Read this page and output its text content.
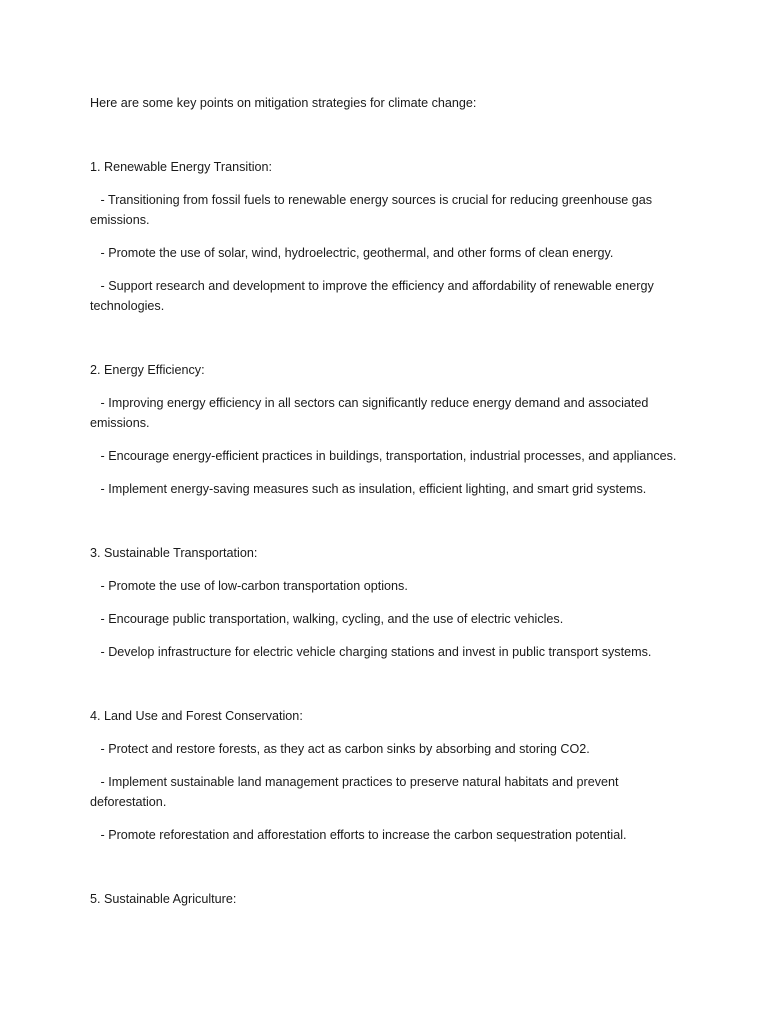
Here are some key points on mitigation strategies for climate change:

1. Renewable Energy Transition:

- Transitioning from fossil fuels to renewable energy sources is crucial for reducing greenhouse gas emissions.
- Promote the use of solar, wind, hydroelectric, geothermal, and other forms of clean energy.
- Support research and development to improve the efficiency and affordability of renewable energy technologies.

2. Energy Efficiency:

- Improving energy efficiency in all sectors can significantly reduce energy demand and associated emissions.
- Encourage energy-efficient practices in buildings, transportation, industrial processes, and appliances.
- Implement energy-saving measures such as insulation, efficient lighting, and smart grid systems.

3. Sustainable Transportation:

- Promote the use of low-carbon transportation options.
- Encourage public transportation, walking, cycling, and the use of electric vehicles.
- Develop infrastructure for electric vehicle charging stations and invest in public transport systems.

4. Land Use and Forest Conservation:

- Protect and restore forests, as they act as carbon sinks by absorbing and storing CO2.
- Implement sustainable land management practices to preserve natural habitats and prevent deforestation.
- Promote reforestation and afforestation efforts to increase the carbon sequestration potential.

5. Sustainable Agriculture:
